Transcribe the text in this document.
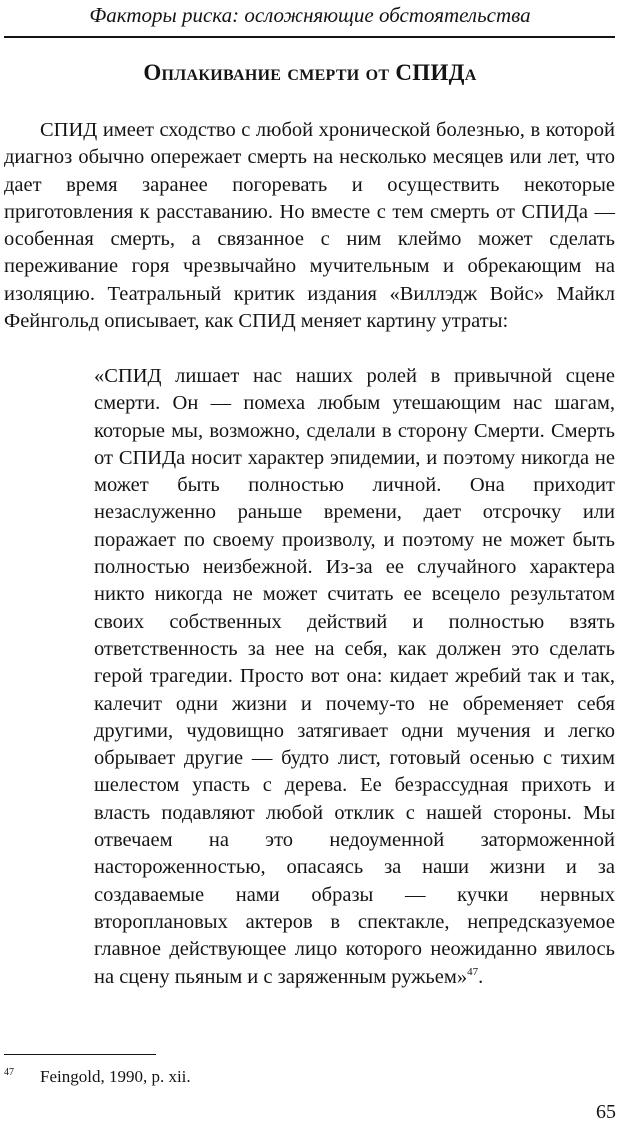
Факторы риска: осложняющие обстоятельства
Оплакивание смерти от СПИДа

СПИД имеет сходство с любой хронической болезнью, в которой диагноз обычно опережает смерть на несколько месяцев или лет, что дает время заранее погоревать и осуществить некоторые приготовления к расставанию. Но вместе с тем смерть от СПИДа — особенная смерть, а связанное с ним клеймо может сделать переживание горя чрезвычайно мучительным и обрекающим на изоляцию. Театральный критик издания «Виллэдж Войс» Майкл Фейнгольд описывает, как СПИД меняет картину утраты:

«СПИД лишает нас наших ролей в привычной сцене смерти. Он — помеха любым утешающим нас шагам, которые мы, возможно, сделали в сторону Смерти. Смерть от СПИДа носит характер эпидемии, и поэтому никогда не может быть полностью личной. Она приходит незаслуженно раньше времени, дает отсрочку или поражает по своему произволу, и поэтому не может быть полностью неизбежной. Из-за ее случайного характера никто никогда не может считать ее всецело результатом своих собственных действий и полностью взять ответственность за нее на себя, как должен это сделать герой трагедии. Просто вот она: кидает жребий так и так, калечит одни жизни и почему-то не обременяет себя другими, чудовищно затягивает одни мучения и легко обрывает другие — будто лист, готовый осенью с тихим шелестом упасть с дерева. Ее безрассудная прихоть и власть подавляют любой отклик с нашей стороны. Мы отвечаем на это недоуменной заторможенной настороженностью, опасаясь за наши жизни и за создаваемые нами образы — кучки нервных второплановых актеров в спектакле, непредсказуемое главное действующее лицо которого неожиданно явилось на сцену пьяным и с заряженным ружьем»$^{47}$.

47 Feingold, 1990, p. xii.
65
